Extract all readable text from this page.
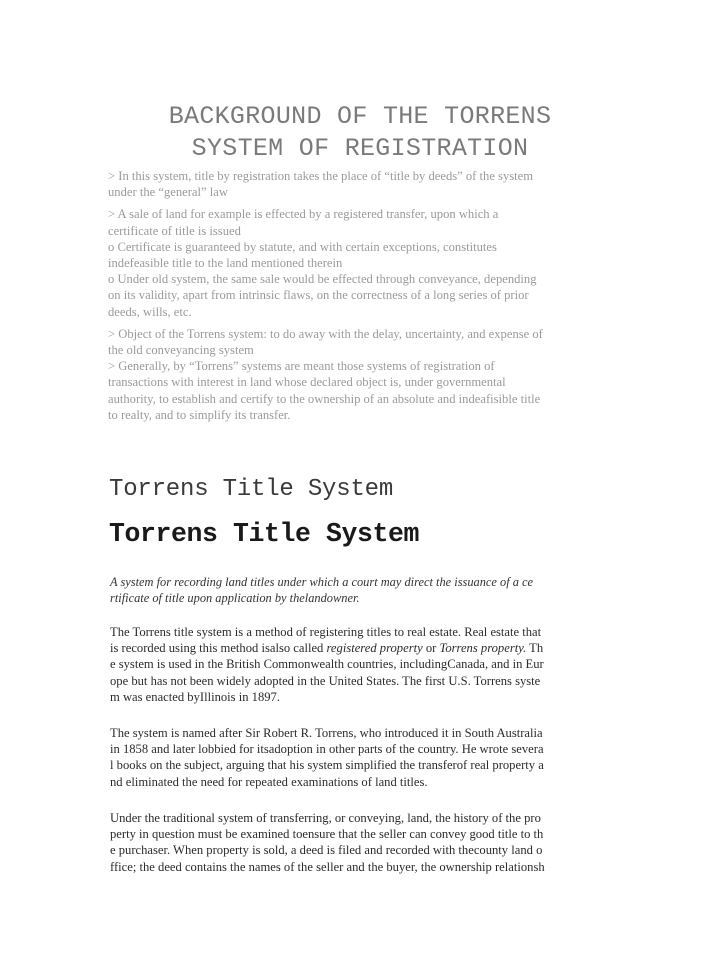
BACKGROUND OF THE TORRENS
SYSTEM OF REGISTRATION

> In this system, title by registration takes the place of “title by deeds” of the system
under the “general” law

> A sale of land for example is effected by a registered transfer, upon which a
certificate of title is issued
o Certificate is guaranteed by statute, and with certain exceptions, constitutes
indefeasible title to the land mentioned therein
o Under old system, the same sale would be effected through conveyance, depending
on its validity, apart from intrinsic flaws, on the correctness of a long series of prior
deeds, wills, etc.

> Object of the Torrens system: to do away with the delay, uncertainty, and expense of
the old conveyancing system
> Generally, by “Torrens” systems are meant those systems of registration of
transactions with interest in land whose declared object is, under governmental
authority, to establish and certify to the ownership of an absolute and indeafisible title
to realty, and to simplify its transfer.

Torrens Title System
Torrens Title System

A system for recording land titles under which a court may direct the issuance of a ce
rtificate of title upon application by thelandowner.

The Torrens title system is a method of registering titles to real estate. Real estate that
is recorded using this method isalso called registered property or Torrens property. Th
e system is used in the British Commonwealth countries, includingCanada, and in Eur
ope but has not been widely adopted in the United States. The first U.S. Torrens syste
m was enacted byIllinois in 1897.

The system is named after Sir Robert R. Torrens, who introduced it in South Australia
in 1858 and later lobbied for itsadoption in other parts of the country. He wrote severa
l books on the subject, arguing that his system simplified the transferof real property a
nd eliminated the need for repeated examinations of land titles.

Under the traditional system of transferring, or conveying, land, the history of the pro
perty in question must be examined toensure that the seller can convey good title to th
e purchaser. When property is sold, a deed is filed and recorded with thecounty land o
ffice; the deed contains the names of the seller and the buyer, the ownership relationsh
